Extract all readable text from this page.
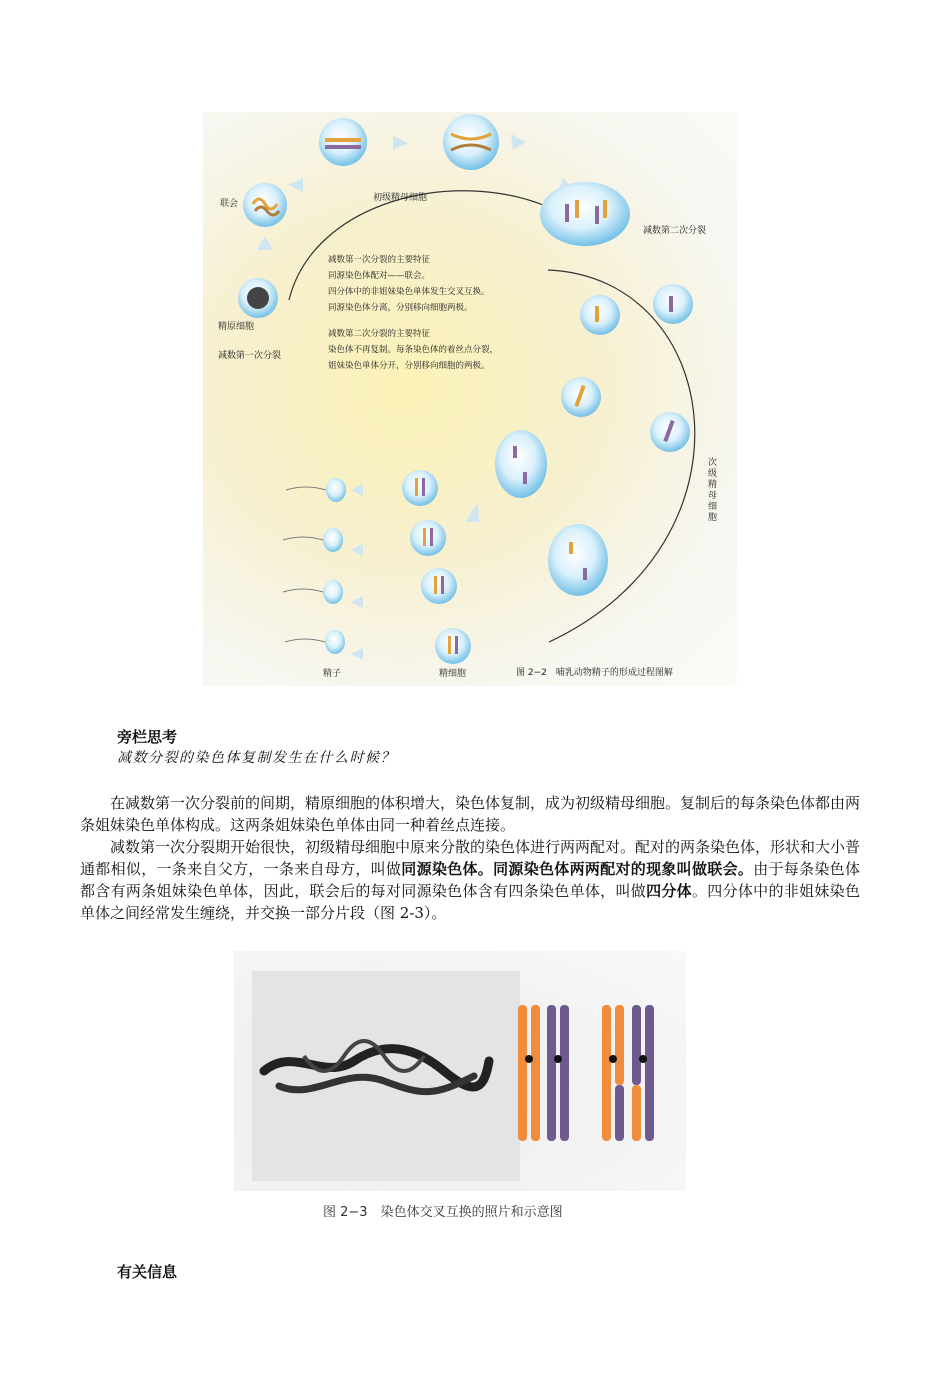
联会
精原细胞
减数第一次分裂
初级精母细胞
减数第二次分裂
次级精母细胞
精子	精细胞

减数第一次分裂的主要特征

同源染色体配对——联会。

四分体中的非姐妹染色单体发生交叉互换。

同源染色体分离，分别移向细胞两极。

减数第二次分裂的主要特征

染色体不再复制。每条染色体的着丝点分裂，

姐妹染色单体分开，分别移向细胞的两极。

图 2−2　哺乳动物精子的形成过程图解
旁栏思考
减数分裂的染色体复制发生在什么时候？
在减数第一次分裂前的间期，精原细胞的体积增大，染色体复制，成为初级精母细胞。复制后的每条染色体都由两条姐妹染色单体构成。这两条姐妹染色单体由同一种着丝点连接。
减数第一次分裂期开始很快，初级精母细胞中原来分散的染色体进行两两配对。配对的两条染色体，形状和大小普通都相似，一条来自父方，一条来自母方，叫做同源染色体。同源染色体两两配对的现象叫做联会。由于每条染色体都含有两条姐妹染色单体，因此，联会后的每对同源染色体含有四条染色单体，叫做四分体。四分体中的非姐妹染色单体之间经常发生缠绕，并交换一部分片段（图 2-3）。
图 2−3　染色体交叉互换的照片和示意图
有关信息
